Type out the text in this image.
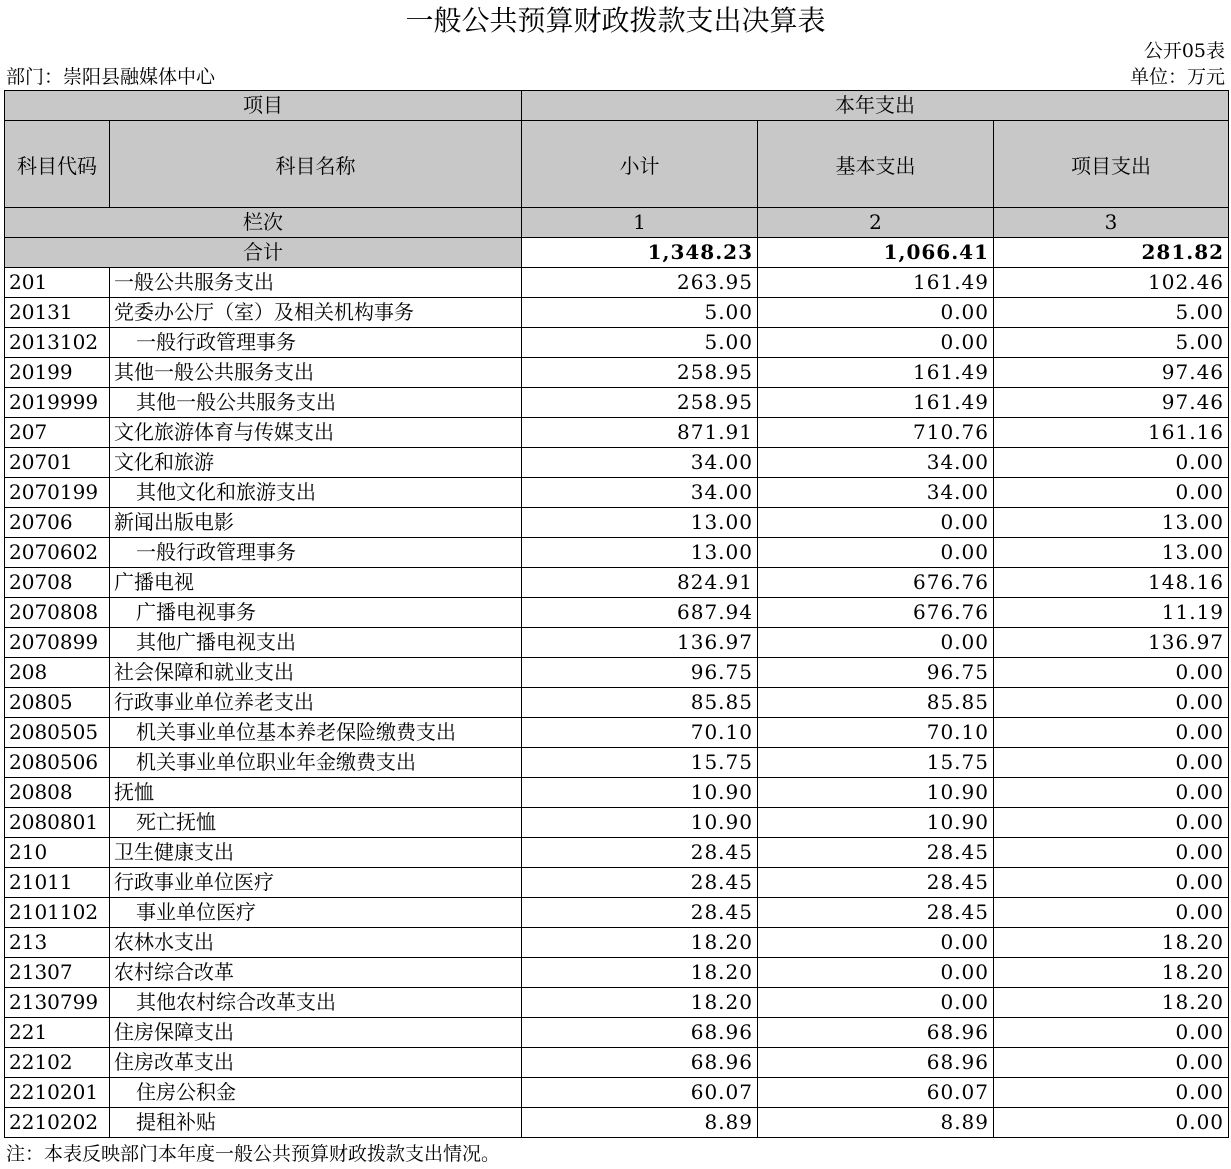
一般公共预算财政拨款支出决算表
公开05表
部门：崇阳县融媒体中心	单位：万元
项目		本年支出		
科目代码	科目名称	小计	基本支出	项目支出
栏次		1	2	3
合计		1,348.23	1,066.41	281.82
201	一般公共服务支出	263.95	161.49	102.46
20131	党委办公厅（室）及相关机构事务	5.00	0.00	5.00
2013102	一般行政管理事务	5.00	0.00	5.00
20199	其他一般公共服务支出	258.95	161.49	97.46
2019999	其他一般公共服务支出	258.95	161.49	97.46
207	文化旅游体育与传媒支出	871.91	710.76	161.16
20701	文化和旅游	34.00	34.00	0.00
2070199	其他文化和旅游支出	34.00	34.00	0.00
20706	新闻出版电影	13.00	0.00	13.00
2070602	一般行政管理事务	13.00	0.00	13.00
20708	广播电视	824.91	676.76	148.16
2070808	广播电视事务	687.94	676.76	11.19
2070899	其他广播电视支出	136.97	0.00	136.97
208	社会保障和就业支出	96.75	96.75	0.00
20805	行政事业单位养老支出	85.85	85.85	0.00
2080505	机关事业单位基本养老保险缴费支出	70.10	70.10	0.00
2080506	机关事业单位职业年金缴费支出	15.75	15.75	0.00
20808	抚恤	10.90	10.90	0.00
2080801	死亡抚恤	10.90	10.90	0.00
210	卫生健康支出	28.45	28.45	0.00
21011	行政事业单位医疗	28.45	28.45	0.00
2101102	事业单位医疗	28.45	28.45	0.00
213	农林水支出	18.20	0.00	18.20
21307	农村综合改革	18.20	0.00	18.20
2130799	其他农村综合改革支出	18.20	0.00	18.20
221	住房保障支出	68.96	68.96	0.00
22102	住房改革支出	68.96	68.96	0.00
2210201	住房公积金	60.07	60.07	0.00
2210202	提租补贴	8.89	8.89	0.00
注：本表反映部门本年度一般公共预算财政拨款支出情况。
